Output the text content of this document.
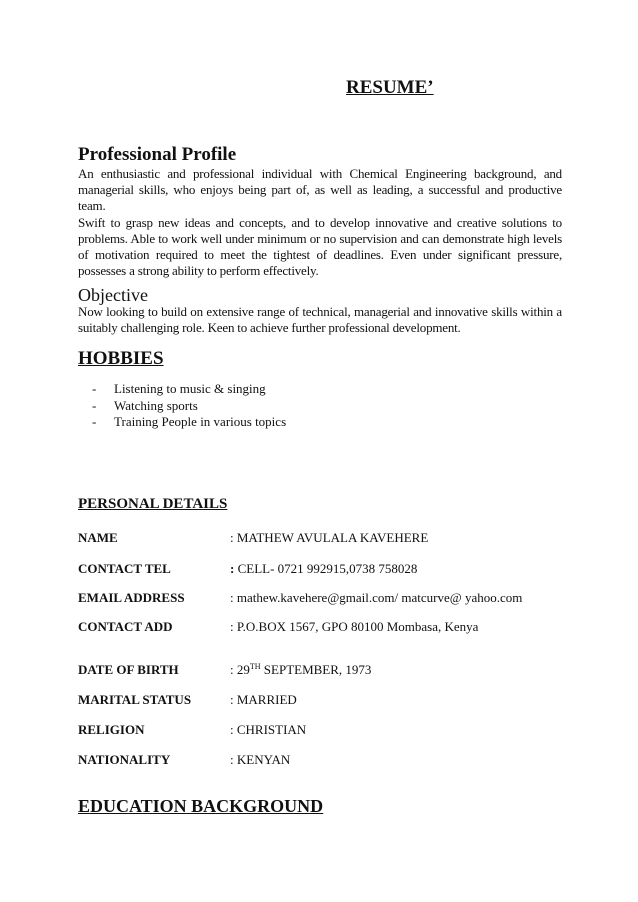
RESUME’
Professional Profile

An enthusiastic and professional individual with Chemical Engineering background, and managerial skills, who enjoys being part of, as well as leading, a successful and productive team.

Swift to grasp new ideas and concepts, and to develop innovative and creative solutions to problems. Able to work well under minimum or no supervision and can demonstrate high levels of motivation required to meet the tightest of deadlines. Even under significant pressure, possesses a strong ability to perform effectively.

Objective

Now looking to build on extensive range of technical, managerial and innovative skills within a suitably challenging role. Keen to achieve further professional development.

HOBBIES
-	Listening to music & singing
-	Watching sports
-	Training People in various topics
PERSONAL DETAILS
NAME	: MATHEW AVULALA KAVEHERE
CONTACT TEL	: CELL- 0721 992915,0738 758028
EMAIL ADDRESS	: mathew.kavehere@gmail.com/ matcurve@ yahoo.com
CONTACT ADD	: P.O.BOX 1567, GPO 80100 Mombasa, Kenya
DATE OF BIRTH	: 29TH SEPTEMBER, 1973
MARITAL STATUS	: MARRIED
RELIGION	: CHRISTIAN
NATIONALITY	: KENYAN
EDUCATION BACKGROUND
